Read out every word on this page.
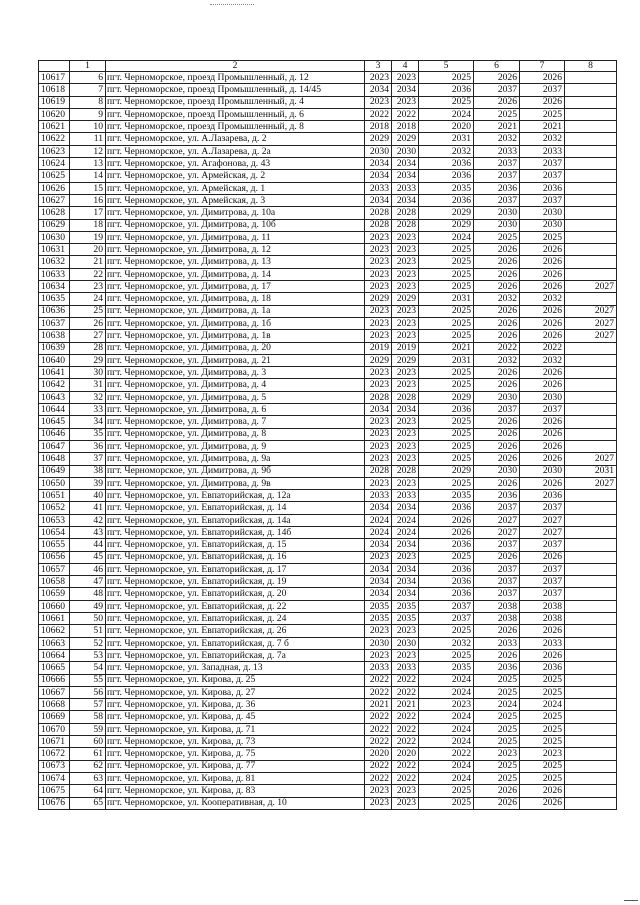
	1	2	3	4	5	6	7	8
10617	6	пгт. Черноморское, проезд Промышленный, д. 12	2023	2023	2025	2026	2026	
10618	7	пгт. Черноморское, проезд Промышленный, д. 14/45	2034	2034	2036	2037	2037	
10619	8	пгт. Черноморское, проезд Промышленный, д. 4	2023	2023	2025	2026	2026	
10620	9	пгт. Черноморское, проезд Промышленный, д. 6	2022	2022	2024	2025	2025	
10621	10	пгт. Черноморское, проезд Промышленный, д. 8	2018	2018	2020	2021	2021	
10622	11	пгт. Черноморское, ул. А.Лазарева, д. 2	2029	2029	2031	2032	2032	
10623	12	пгт. Черноморское, ул. А.Лазарева, д. 2а	2030	2030	2032	2033	2033	
10624	13	пгт. Черноморское, ул. Агафонова, д. 43	2034	2034	2036	2037	2037	
10625	14	пгт. Черноморское, ул. Армейская, д. 2	2034	2034	2036	2037	2037	
10626	15	пгт. Черноморское, ул. Армейская, д. 1	2033	2033	2035	2036	2036	
10627	16	пгт. Черноморское, ул. Армейская, д. 3	2034	2034	2036	2037	2037	
10628	17	пгт. Черноморское, ул. Димитрова, д. 10а	2028	2028	2029	2030	2030	
10629	18	пгт. Черноморское, ул. Димитрова, д. 10б	2028	2028	2029	2030	2030	
10630	19	пгт. Черноморское, ул. Димитрова, д. 11	2023	2023	2024	2025	2025	
10631	20	пгт. Черноморское, ул. Димитрова, д. 12	2023	2023	2025	2026	2026	
10632	21	пгт. Черноморское, ул. Димитрова, д. 13	2023	2023	2025	2026	2026	
10633	22	пгт. Черноморское, ул. Димитрова, д. 14	2023	2023	2025	2026	2026	
10634	23	пгт. Черноморское, ул. Димитрова, д. 17	2023	2023	2025	2026	2026	2027
10635	24	пгт. Черноморское, ул. Димитрова, д. 18	2029	2029	2031	2032	2032	
10636	25	пгт. Черноморское, ул. Димитрова, д. 1а	2023	2023	2025	2026	2026	2027
10637	26	пгт. Черноморское, ул. Димитрова, д. 1б	2023	2023	2025	2026	2026	2027
10638	27	пгт. Черноморское, ул. Димитрова, д. 1в	2023	2023	2025	2026	2026	2027
10639	28	пгт. Черноморское, ул. Димитрова, д. 20	2019	2019	2021	2022	2022	
10640	29	пгт. Черноморское, ул. Димитрова, д. 21	2029	2029	2031	2032	2032	
10641	30	пгт. Черноморское, ул. Димитрова, д. 3	2023	2023	2025	2026	2026	
10642	31	пгт. Черноморское, ул. Димитрова, д. 4	2023	2023	2025	2026	2026	
10643	32	пгт. Черноморское, ул. Димитрова, д. 5	2028	2028	2029	2030	2030	
10644	33	пгт. Черноморское, ул. Димитрова, д. 6	2034	2034	2036	2037	2037	
10645	34	пгт. Черноморское, ул. Димитрова, д. 7	2023	2023	2025	2026	2026	
10646	35	пгт. Черноморское, ул. Димитрова, д. 8	2023	2023	2025	2026	2026	
10647	36	пгт. Черноморское, ул. Димитрова, д. 9	2023	2023	2025	2026	2026	
10648	37	пгт. Черноморское, ул. Димитрова, д. 9а	2023	2023	2025	2026	2026	2027
10649	38	пгт. Черноморское, ул. Димитрова, д. 9б	2028	2028	2029	2030	2030	2031
10650	39	пгт. Черноморское, ул. Димитрова, д. 9в	2023	2023	2025	2026	2026	2027
10651	40	пгт. Черноморское, ул. Евпаторийская, д. 12а	2033	2033	2035	2036	2036	
10652	41	пгт. Черноморское, ул. Евпаторийская, д. 14	2034	2034	2036	2037	2037	
10653	42	пгт. Черноморское, ул. Евпаторийская, д. 14а	2024	2024	2026	2027	2027	
10654	43	пгт. Черноморское, ул. Евпаторийская, д. 14б	2024	2024	2026	2027	2027	
10655	44	пгт. Черноморское, ул. Евпаторийская, д. 15	2034	2034	2036	2037	2037	
10656	45	пгт. Черноморское, ул. Евпаторийская, д. 16	2023	2023	2025	2026	2026	
10657	46	пгт. Черноморское, ул. Евпаторийская, д. 17	2034	2034	2036	2037	2037	
10658	47	пгт. Черноморское, ул. Евпаторийская, д. 19	2034	2034	2036	2037	2037	
10659	48	пгт. Черноморское, ул. Евпаторийская, д. 20	2034	2034	2036	2037	2037	
10660	49	пгт. Черноморское, ул. Евпаторийская, д. 22	2035	2035	2037	2038	2038	
10661	50	пгт. Черноморское, ул. Евпаторийская, д. 24	2035	2035	2037	2038	2038	
10662	51	пгт. Черноморское, ул. Евпаторийская, д. 26	2023	2023	2025	2026	2026	
10663	52	пгт. Черноморское, ул. Евпаторийская, д. 7 б	2030	2030	2032	2033	2033	
10664	53	пгт. Черноморское, ул. Евпаторийская, д. 7а	2023	2023	2025	2026	2026	
10665	54	пгт. Черноморское, ул. Западная, д. 13	2033	2033	2035	2036	2036	
10666	55	пгт. Черноморское, ул. Кирова, д. 25	2022	2022	2024	2025	2025	
10667	56	пгт. Черноморское, ул. Кирова, д. 27	2022	2022	2024	2025	2025	
10668	57	пгт. Черноморское, ул. Кирова, д. 36	2021	2021	2023	2024	2024	
10669	58	пгт. Черноморское, ул. Кирова, д. 45	2022	2022	2024	2025	2025	
10670	59	пгт. Черноморское, ул. Кирова, д. 71	2022	2022	2024	2025	2025	
10671	60	пгт. Черноморское, ул. Кирова, д. 73	2022	2022	2024	2025	2025	
10672	61	пгт. Черноморское, ул. Кирова, д. 75	2020	2020	2022	2023	2023	
10673	62	пгт. Черноморское, ул. Кирова, д. 77	2022	2022	2024	2025	2025	
10674	63	пгт. Черноморское, ул. Кирова, д. 81	2022	2022	2024	2025	2025	
10675	64	пгт. Черноморское, ул. Кирова, д. 83	2023	2023	2025	2026	2026	
10676	65	пгт. Черноморское, ул. Кооперативная, д. 10	2023	2023	2025	2026	2026	
